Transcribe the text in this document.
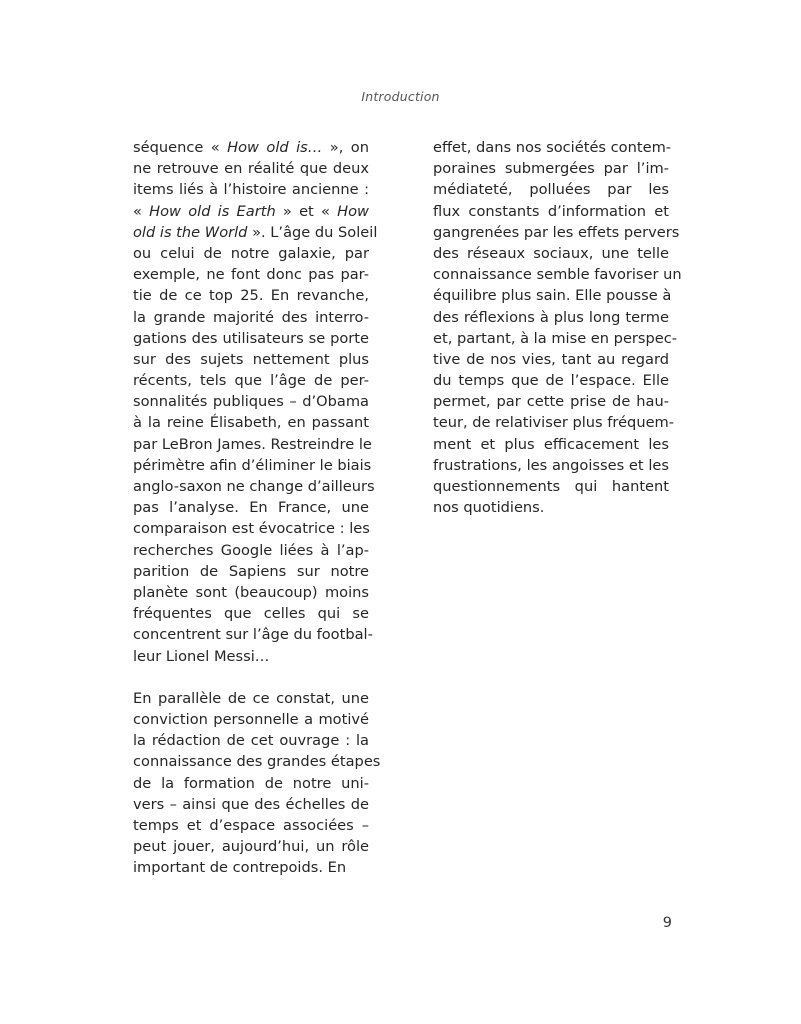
Introduction
séquence « How old is… », on
ne retrouve en réalité que deux
items liés à l’histoire ancienne :
« How old is Earth » et « How
old is the World ». L’âge du Soleil
ou celui de notre galaxie, par
exemple, ne font donc pas par-
tie de ce top 25. En revanche,
la grande majorité des interro-
gations des utilisateurs se porte
sur des sujets nettement plus
récents, tels que l’âge de per-
sonnalités publiques – d’Obama
à la reine Élisabeth, en passant
par LeBron James. Restreindre le
périmètre afin d’éliminer le biais
anglo-saxon ne change d’ailleurs
pas l’analyse. En France, une
comparaison est évocatrice : les
recherches Google liées à l’ap-
parition de Sapiens sur notre
planète sont (beaucoup) moins
fréquentes que celles qui se
concentrent sur l’âge du footbal-
leur Lionel Messi…
En parallèle de ce constat, une
conviction personnelle a motivé
la rédaction de cet ouvrage : la
connaissance des grandes étapes
de la formation de notre uni-
vers – ainsi que des échelles de
temps et d’espace associées –
peut jouer, aujourd’hui, un rôle
important de contrepoids. En
effet, dans nos sociétés contem-
poraines submergées par l’im-
médiateté, polluées par les
flux constants d’information et
gangrenées par les effets pervers
des réseaux sociaux, une telle
connaissance semble favoriser un
équilibre plus sain. Elle pousse à
des réflexions à plus long terme
et, partant, à la mise en perspec-
tive de nos vies, tant au regard
du temps que de l’espace. Elle
permet, par cette prise de hau-
teur, de relativiser plus fréquem-
ment et plus efficacement les
frustrations, les angoisses et les
questionnements qui hantent
nos quotidiens.
9
